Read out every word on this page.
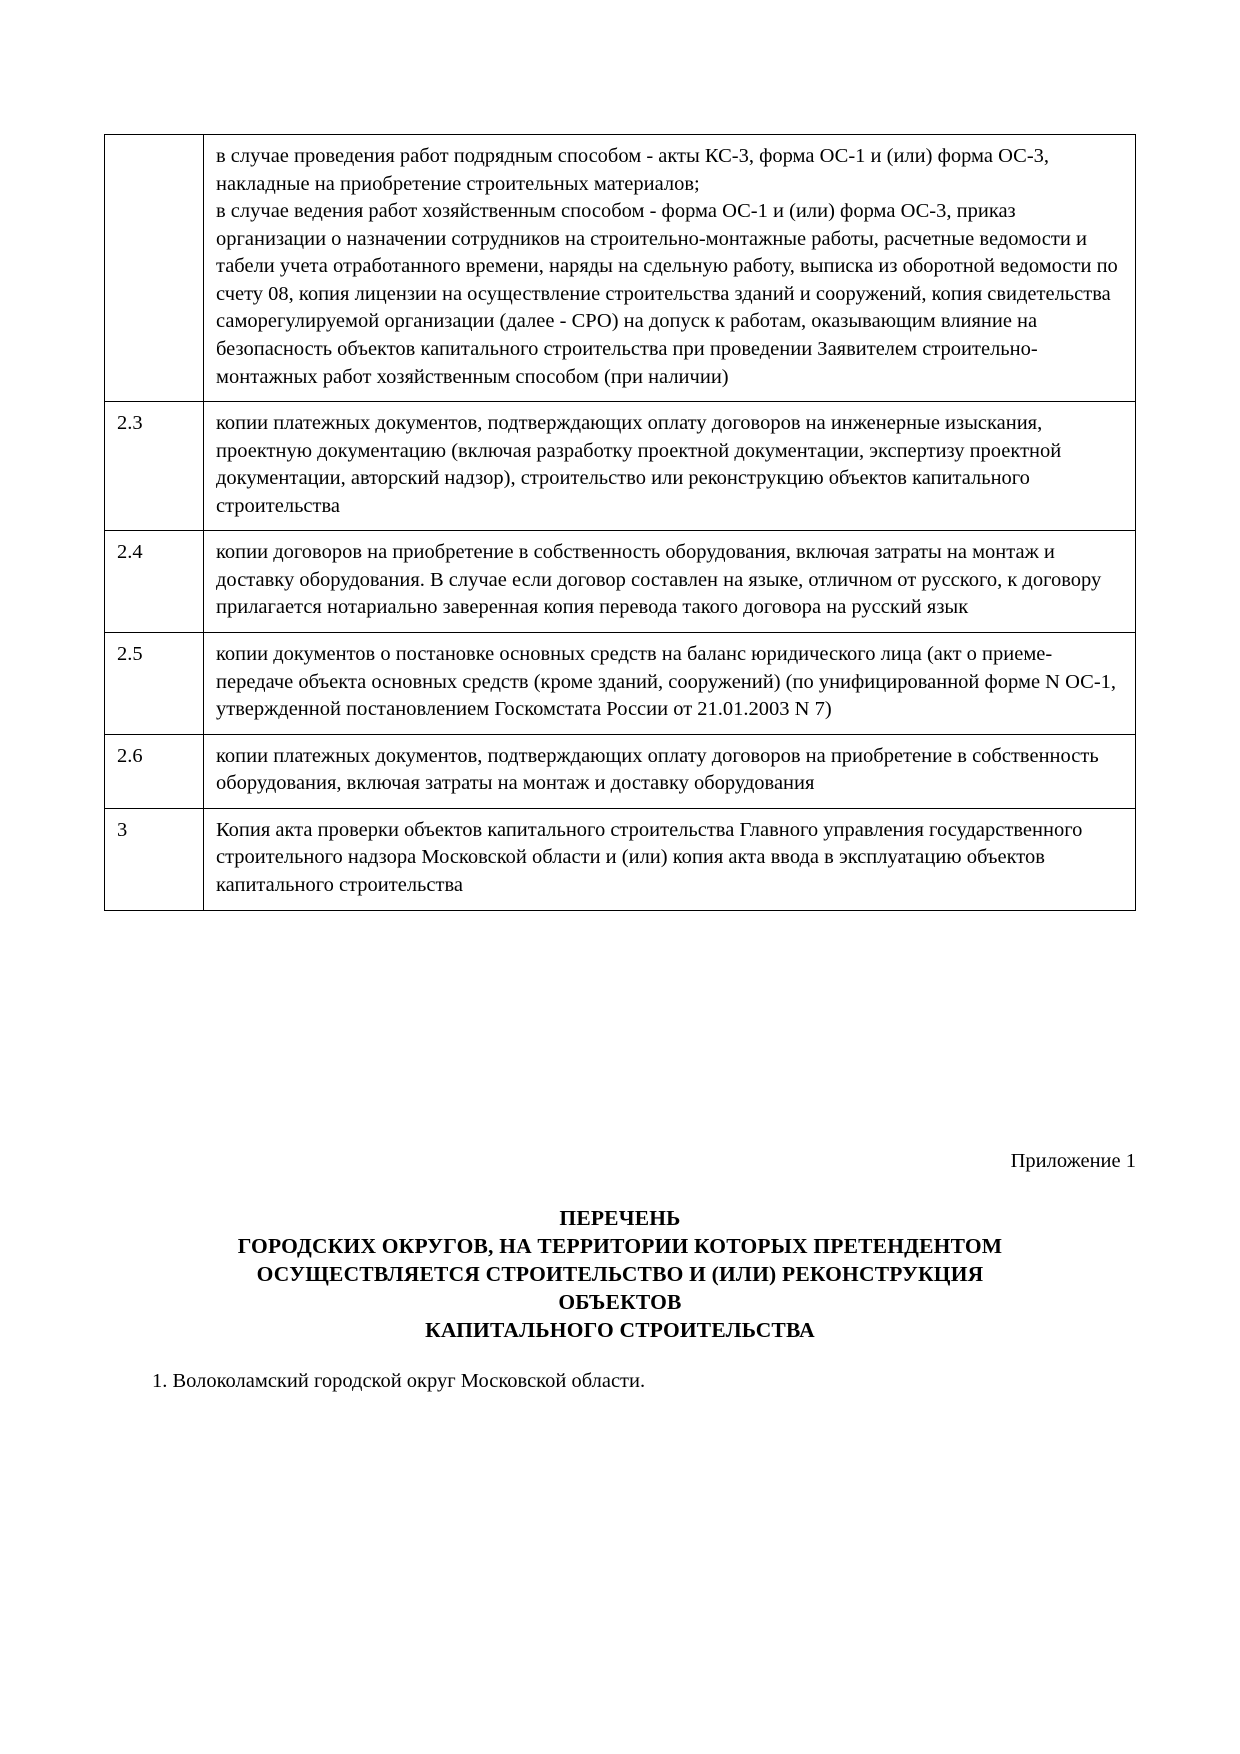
	в случае проведения работ подрядным способом - акты КС-3, форма ОС-1 и (или) форма ОС-3, накладные на приобретение строительных материалов;

в случае ведения работ хозяйственным способом - форма ОС-1 и (или) форма ОС-3, приказ организации о назначении сотрудников на строительно-монтажные работы, расчетные ведомости и табели учета отработанного времени, наряды на сдельную работу, выписка из оборотной ведомости по счету 08, копия лицензии на осуществление строительства зданий и сооружений, копия свидетельства саморегулируемой организации (далее - СРО) на допуск к работам, оказывающим влияние на безопасность объектов капитального строительства при проведении Заявителем строительно-монтажных работ хозяйственным способом (при наличии)

2.3	копии платежных документов, подтверждающих оплату договоров на инженерные изыскания, проектную документацию (включая разработку проектной документации, экспертизу проектной документации, авторский надзор), строительство или реконструкцию объектов капитального строительства

2.4	копии договоров на приобретение в собственность оборудования, включая затраты на монтаж и доставку оборудования. В случае если договор составлен на языке, отличном от русского, к договору прилагается нотариально заверенная копия перевода такого договора на русский язык

2.5	копии документов о постановке основных средств на баланс юридического лица (акт о приеме-передаче объекта основных средств (кроме зданий, сооружений) (по унифицированной форме N ОС-1, утвержденной постановлением Госкомстата России от 21.01.2003 N 7)

2.6	копии платежных документов, подтверждающих оплату договоров на приобретение в собственность оборудования, включая затраты на монтаж и доставку оборудования

3	Копия акта проверки объектов капитального строительства Главного управления государственного строительного надзора Московской области и (или) копия акта ввода в эксплуатацию объектов капитального строительства

Приложение 1
ПЕРЕЧЕНЬ
ГОРОДСКИХ ОКРУГОВ, НА ТЕРРИТОРИИ КОТОРЫХ ПРЕТЕНДЕНТОМ
ОСУЩЕСТВЛЯЕТСЯ СТРОИТЕЛЬСТВО И (ИЛИ) РЕКОНСТРУКЦИЯ
ОБЪЕКТОВ
КАПИТАЛЬНОГО СТРОИТЕЛЬСТВА
1. Волоколамский городской округ Московской области.
